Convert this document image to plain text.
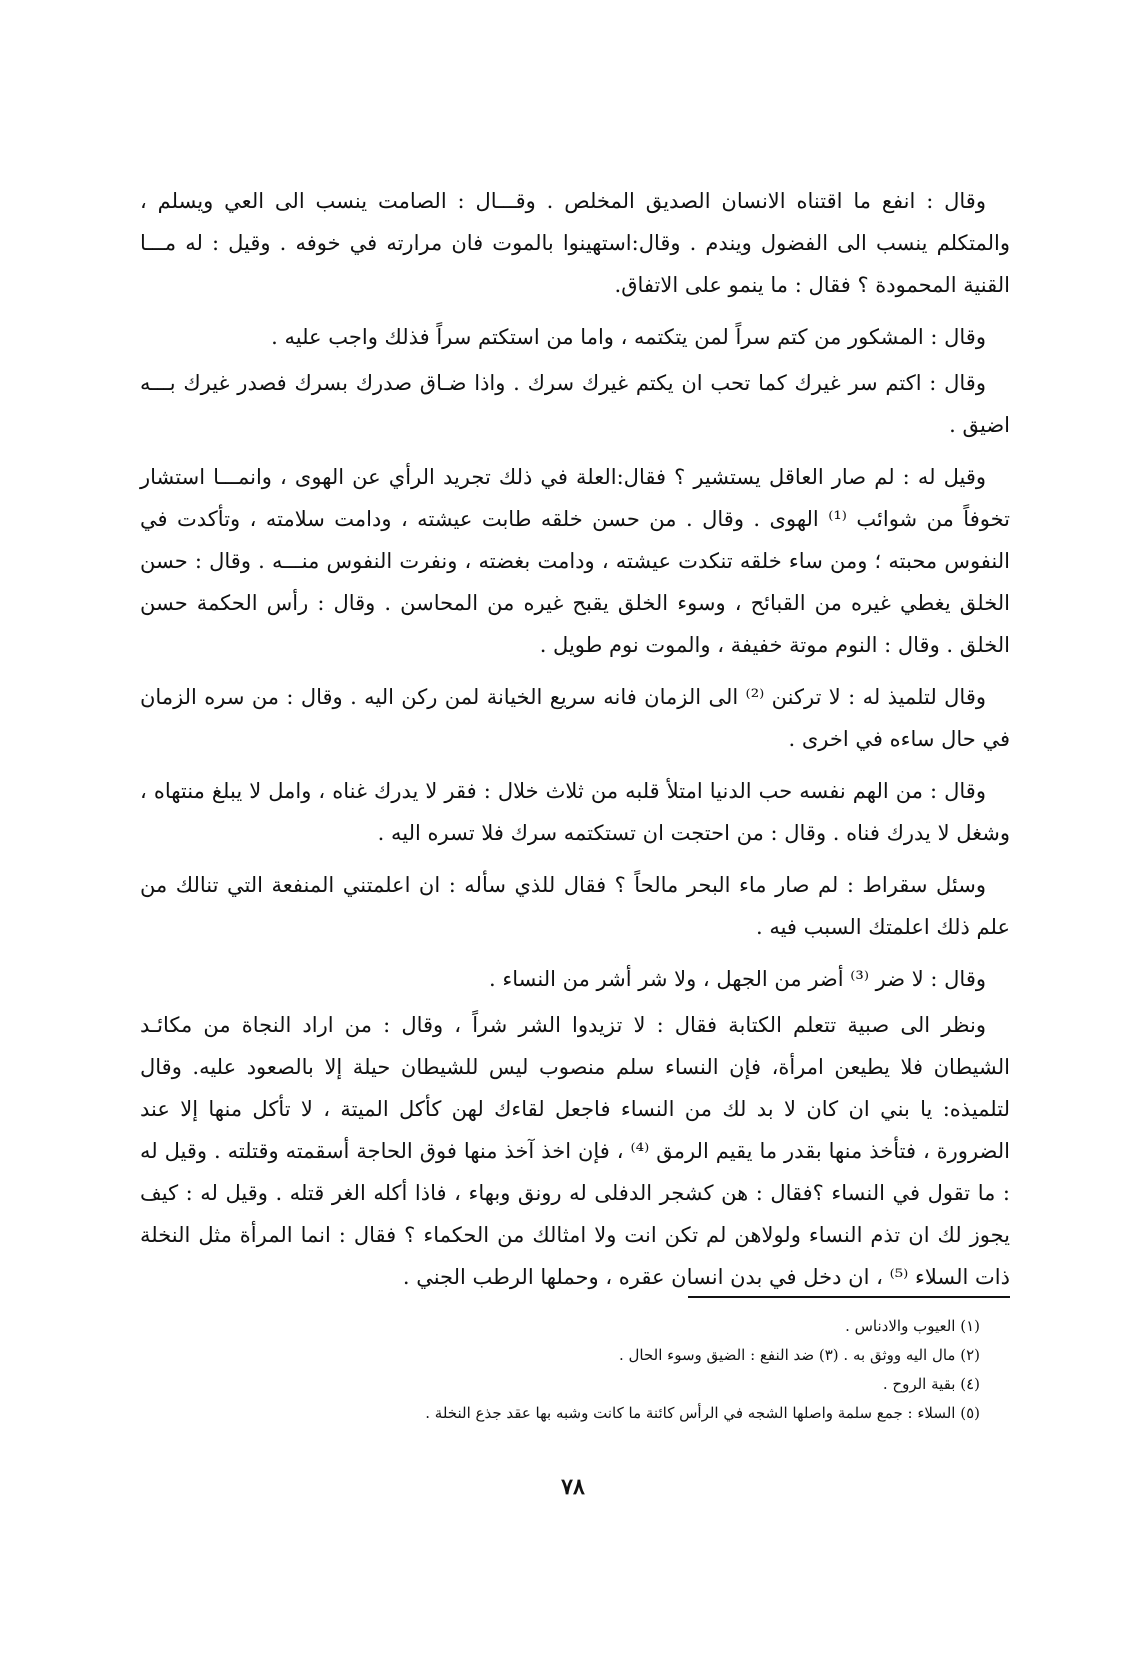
وقال : انفع ما اقتناه الانسان الصديق المخلص . وقـــال : الصامت ينسب الى العي ويسلم ، والمتكلم ينسب الى الفضول ويندم . وقال:استهينوا بالموت فان مرارته في خوفه . وقيل : له مـــا القنية المحمودة ؟ فقال : ما ينمو على الاتفاق.

وقال : المشكور من كتم سراً لمن يتكتمه ، واما من استكتم سراً فذلك واجب عليه .

وقال : اكتم سر غيرك كما تحب ان يكتم غيرك سرك . واذا ضـاق صدرك بسرك فصدر غيرك بـــه اضيق .

وقيل له : لم صار العاقل يستشير ؟ فقال:العلة في ذلك تجريد الرأي عن الهوى ، وانمـــا استشار تخوفاً من شوائب ⁽¹⁾ الهوى . وقال . من حسن خلقه طابت عيشته ، ودامت سلامته ، وتأكدت في النفوس محبته ؛ ومن ساء خلقه تنكدت عيشته ، ودامت بغضته ، ونفرت النفوس منـــه . وقال : حسن الخلق يغطي غيره من القبائح ، وسوء الخلق يقبح غيره من المحاسن . وقال : رأس الحكمة حسن الخلق . وقال : النوم موتة خفيفة ، والموت نوم طويل .

وقال لتلميذ له : لا تركنن ⁽²⁾ الى الزمان فانه سريع الخيانة لمن ركن اليه . وقال : من سره الزمان في حال ساءه في اخرى .

وقال : من الهم نفسه حب الدنيا امتلأ قلبه من ثلاث خلال : فقر لا يدرك غناه ، وامل لا يبلغ منتهاه ، وشغل لا يدرك فناه . وقال : من احتجت ان تستكتمه سرك فلا تسره اليه .

وسئل سقراط : لم صار ماء البحر مالحاً ؟ فقال للذي سأله : ان اعلمتني المنفعة التي تنالك من علم ذلك اعلمتك السبب فيه .

وقال : لا ضر ⁽³⁾ أضر من الجهل ، ولا شر أشر من النساء .

ونظر الى صبية تتعلم الكتابة فقال : لا تزيدوا الشر شراً ، وقال : من اراد النجاة من مكائـد الشيطان فلا يطيعن امرأة، فإن النساء سلم منصوب ليس للشيطان حيلة إلا بالصعود عليه. وقال لتلميذه: يا بني ان كان لا بد لك من النساء فاجعل لقاءك لهن كأكل الميتة ، لا تأكل منها إلا عند الضرورة ، فتأخذ منها بقدر ما يقيم الرمق ⁽⁴⁾ ، فإن اخذ آخذ منها فوق الحاجة أسقمته وقتلته . وقيل له : ما تقول في النساء ؟فقال : هن كشجر الدفلى له رونق وبهاء ، فاذا أكله الغر قتله . وقيل له : كيف يجوز لك ان تذم النساء ولولاهن لم تكن انت ولا امثالك من الحكماء ؟ فقال : انما المرأة مثل النخلة ذات السلاء ⁽⁵⁾ ، ان دخل في بدن انسان عقره ، وحملها الرطب الجني .

(١) العيوب والادناس .

(٢) مال اليه ووثق به . (٣) ضد النفع : الضيق وسوء الحال .

(٤) بقية الروح .

(٥) السلاء : جمع سلمة واصلها الشجه في الرأس كائنة ما كانت وشبه بها عقد جذع النخلة .

٧٨
